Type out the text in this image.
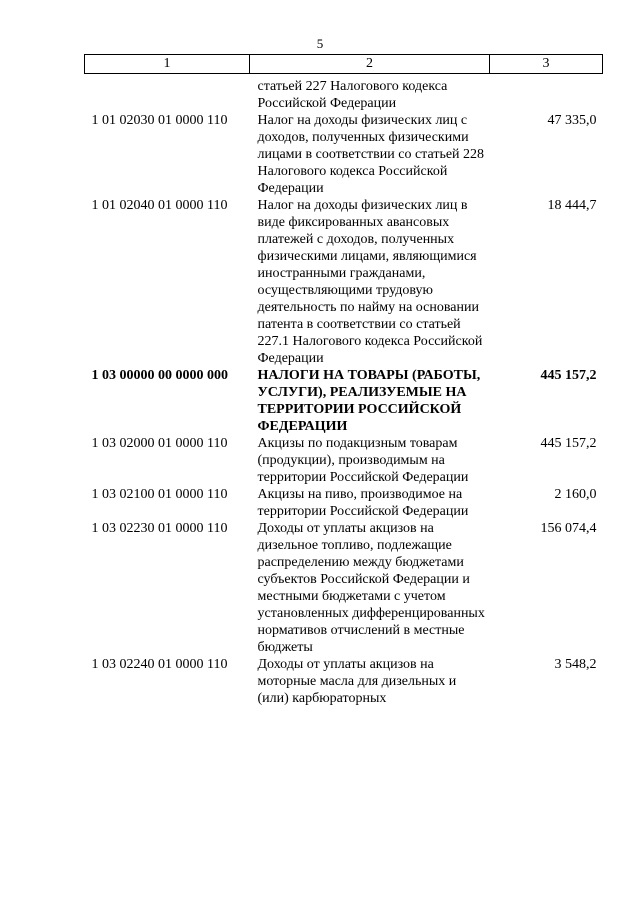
5
1	2	3
	статьей 227 Налогового кодекса Российской Федерации	
1 01 02030 01 0000 110	Налог на доходы физических лиц с доходов, полученных физическими лицами в соответствии со статьей 228 Налогового кодекса Российской Федерации	47 335,0
1 01 02040 01 0000 110	Налог на доходы физических лиц в виде фиксированных авансовых платежей с доходов, полученных физическими лицами, являющимися иностранными гражданами, осуществляющими трудовую деятельность по найму на основании патента в соответствии со статьей 227.1 Налогового кодекса Российской Федерации	18 444,7
1 03 00000 00 0000 000	НАЛОГИ НА ТОВАРЫ (РАБОТЫ, УСЛУГИ), РЕАЛИЗУЕМЫЕ НА ТЕРРИТОРИИ РОССИЙСКОЙ ФЕДЕРАЦИИ	445 157,2
1 03 02000 01 0000 110	Акцизы по подакцизным товарам (продукции), производимым на территории Российской Федерации	445 157,2
1 03 02100 01 0000 110	Акцизы на пиво, производимое на территории Российской Федерации	2 160,0
1 03 02230 01 0000 110	Доходы от уплаты акцизов на дизельное топливо, подлежащие распределению между бюджетами субъектов Российской Федерации и местными бюджетами с учетом установленных дифференцированных нормативов отчислений в местные бюджеты	156 074,4
1 03 02240 01 0000 110	Доходы от уплаты акцизов на моторные масла для дизельных и (или) карбюраторных	3 548,2
